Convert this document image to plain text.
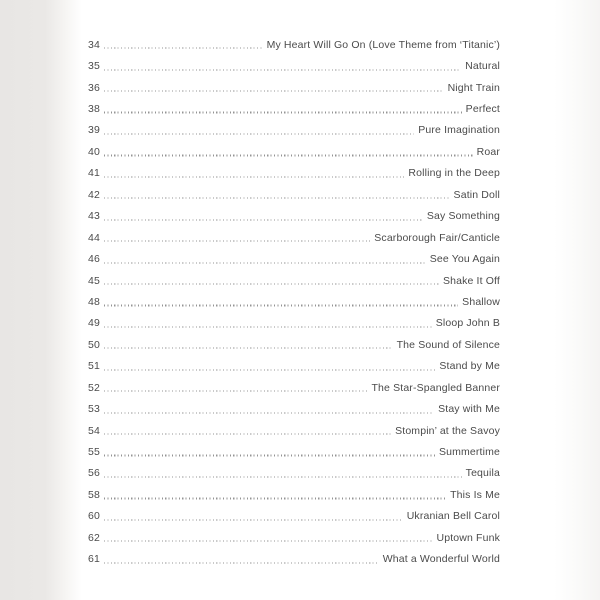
34	My Heart Will Go On (Love Theme from ‘Titanic’)
35	Natural
36	Night Train
38	Perfect
39	Pure Imagination
40	Roar
41	Rolling in the Deep
42	Satin Doll
43	Say Something
44	Scarborough Fair/Canticle
46	See You Again
45	Shake It Off
48	Shallow
49	Sloop John B
50	The Sound of Silence
51	Stand by Me
52	The Star-Spangled Banner
53	Stay with Me
54	Stompin’ at the Savoy
55	Summertime
56	Tequila
58	This Is Me
60	Ukranian Bell Carol
62	Uptown Funk
61	What a Wonderful World
